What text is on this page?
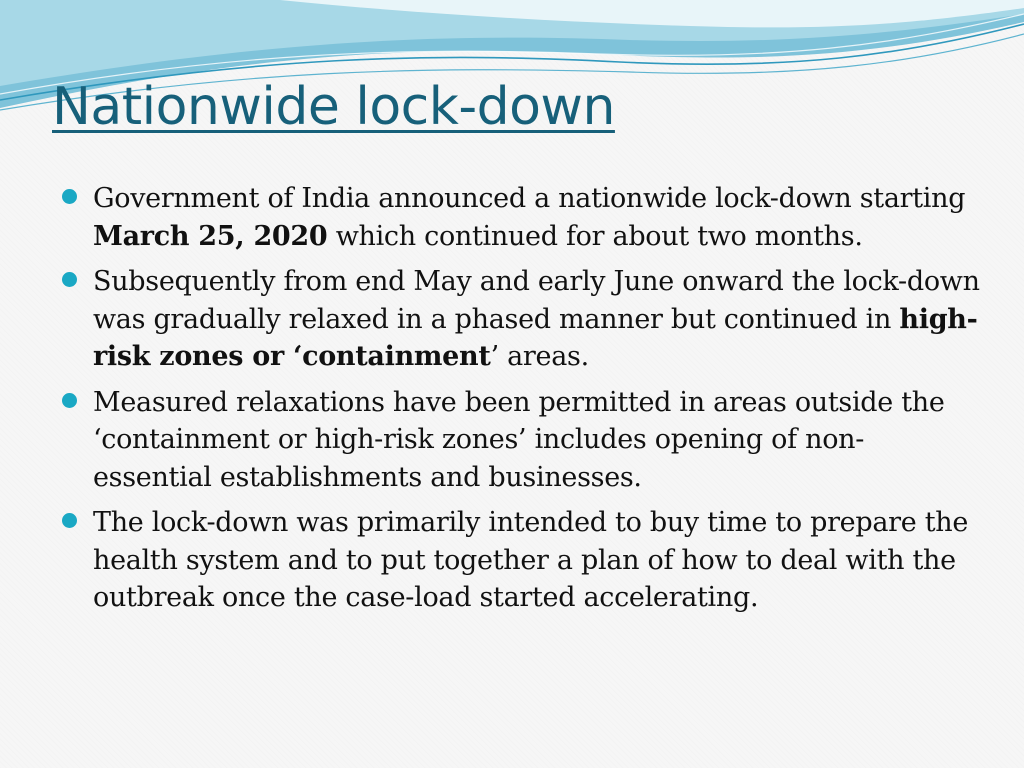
Nationwide lock-down
Government of India announced a nationwide lock-down starting March 25, 2020 which continued for about two months.
Subsequently from end May and early June onward the lock-down was gradually relaxed in a phased manner but continued in high-risk zones or ‘containment’ areas.
Measured relaxations have been permitted in areas outside the ‘containment or high-risk zones’ includes opening of non-essential establishments and businesses.
The lock-down was primarily intended to buy time to prepare the health system and to put together a plan of how to deal with the outbreak once the case-load started accelerating.
